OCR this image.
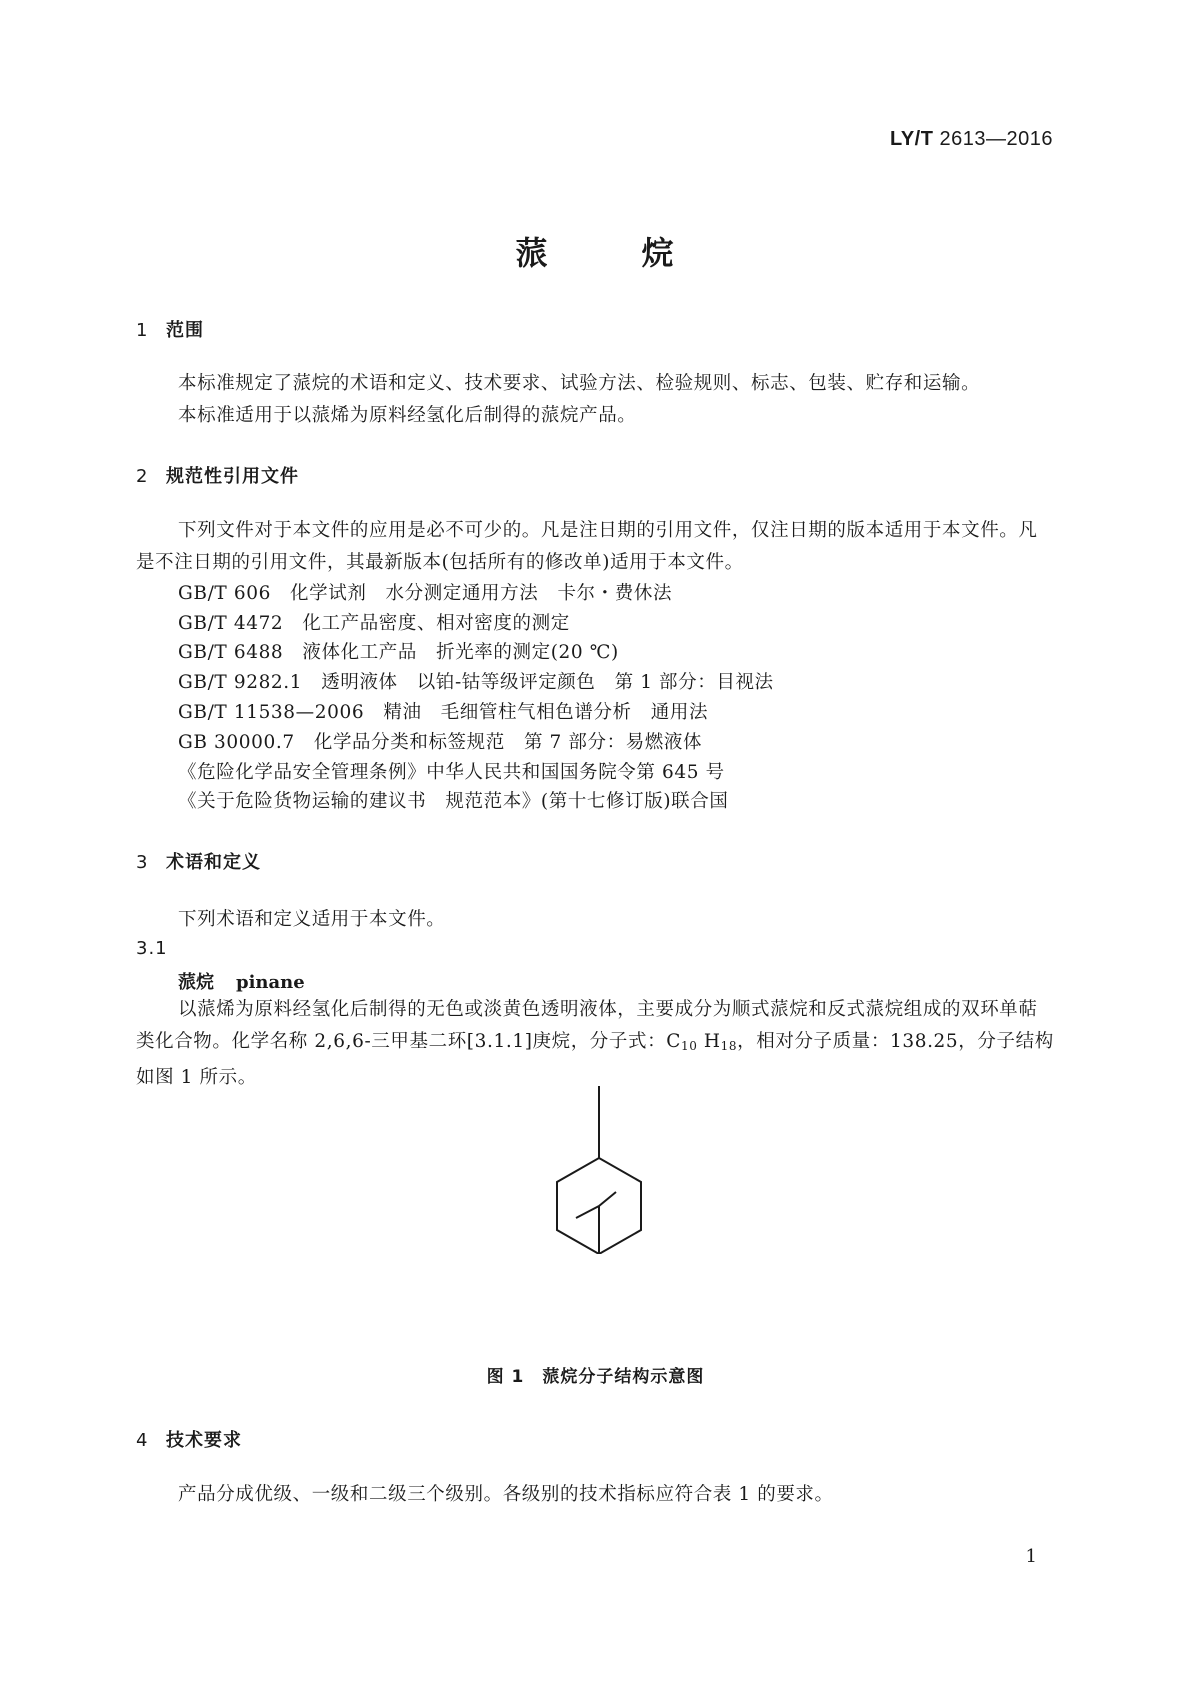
LY/T 2613—2016
蒎	烷
1 范围
本标准规定了蒎烷的术语和定义、技术要求、试验方法、检验规则、标志、包装、贮存和运输。
本标准适用于以蒎烯为原料经氢化后制得的蒎烷产品。
2 规范性引用文件
下列文件对于本文件的应用是必不可少的。凡是注日期的引用文件，仅注日期的版本适用于本文件。凡是不注日期的引用文件，其最新版本(包括所有的修改单)适用于本文件。
GB/T 606　化学试剂　水分测定通用方法　卡尔・费休法
GB/T 4472　化工产品密度、相对密度的测定
GB/T 6488　液体化工产品　折光率的测定(20 ℃)
GB/T 9282.1　透明液体　以铂-钴等级评定颜色　第 1 部分：目视法
GB/T 11538—2006　精油　毛细管柱气相色谱分析　通用法
GB 30000.7　化学品分类和标签规范　第 7 部分：易燃液体
《危险化学品安全管理条例》中华人民共和国国务院令第 645 号
《关于危险货物运输的建议书　规范范本》(第十七修订版)联合国
3 术语和定义
下列术语和定义适用于本文件。
3.1
蒎烷 pinane
以蒎烯为原料经氢化后制得的无色或淡黄色透明液体，主要成分为顺式蒎烷和反式蒎烷组成的双环单萜类化合物。化学名称 2,6,6-三甲基二环[3.1.1]庚烷，分子式：$C_{10}$ $H_{18}$，相对分子质量：138.25，分子结构如图 1 所示。
图 1 蒎烷分子结构示意图
4 技术要求
产品分成优级、一级和二级三个级别。各级别的技术指标应符合表 1 的要求。
1
